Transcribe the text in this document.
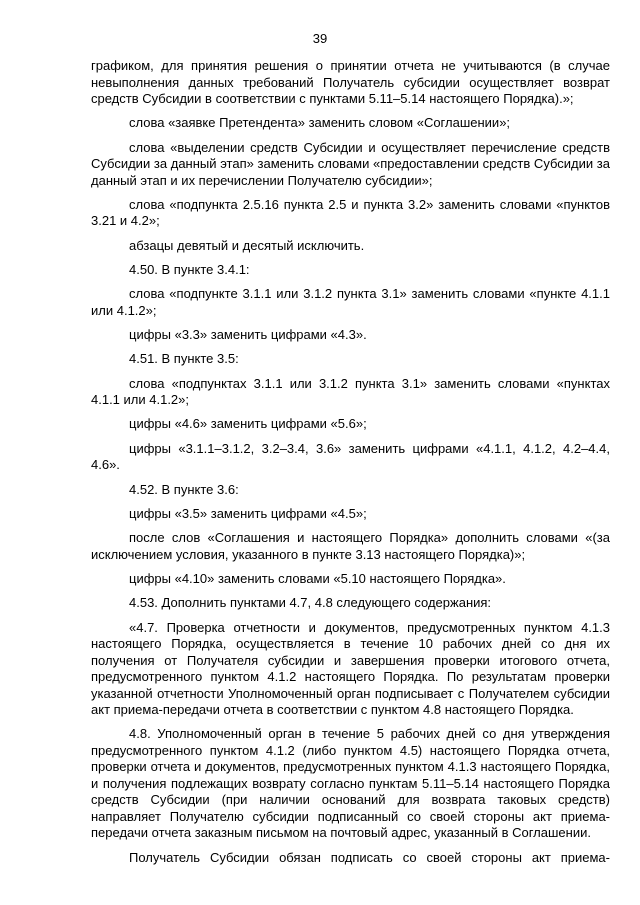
39

графиком, для принятия решения о принятии отчета не учитываются (в случае невыполнения данных требований Получатель субсидии осуществляет возврат средств Субсидии в соответствии с пунктами 5.11–5.14 настоящего Порядка).»;

слова «заявке Претендента» заменить словом «Соглашении»;

слова «выделении средств Субсидии и осуществляет перечисление средств Субсидии за данный этап» заменить словами «предоставлении средств Субсидии за данный этап и их перечислении Получателю субсидии»;

слова «подпункта 2.5.16 пункта 2.5 и пункта 3.2» заменить словами «пунктов 3.21 и 4.2»;

абзацы девятый и десятый исключить.

4.50. В пункте 3.4.1:

слова «подпункте 3.1.1 или 3.1.2 пункта 3.1» заменить словами «пункте 4.1.1 или 4.1.2»;

цифры «3.3» заменить цифрами «4.3».

4.51. В пункте 3.5:

слова «подпунктах 3.1.1 или 3.1.2 пункта 3.1» заменить словами «пунктах 4.1.1 или 4.1.2»;

цифры «4.6» заменить цифрами «5.6»;

цифры «3.1.1–3.1.2, 3.2–3.4, 3.6» заменить цифрами «4.1.1, 4.1.2, 4.2–4.4, 4.6».

4.52. В пункте 3.6:

цифры «3.5» заменить цифрами «4.5»;

после слов «Соглашения и настоящего Порядка» дополнить словами «(за исключением условия, указанного в пункте 3.13 настоящего Порядка)»;

цифры «4.10» заменить словами «5.10 настоящего Порядка».

4.53. Дополнить пунктами 4.7, 4.8 следующего содержания:

«4.7. Проверка отчетности и документов, предусмотренных пунктом 4.1.3 настоящего Порядка, осуществляется в течение 10 рабочих дней со дня их получения от Получателя субсидии и завершения проверки итогового отчета, предусмотренного пунктом 4.1.2 настоящего Порядка. По результатам проверки указанной отчетности Уполномоченный орган подписывает с Получателем субсидии акт приема-передачи отчета в соответствии с пунктом 4.8 настоящего Порядка.

4.8. Уполномоченный орган в течение 5 рабочих дней со дня утверждения предусмотренного пунктом 4.1.2 (либо пунктом 4.5) настоящего Порядка отчета, проверки отчета и документов, предусмотренных пунктом 4.1.3 настоящего Порядка, и получения подлежащих возврату согласно пунктам 5.11–5.14 настоящего Порядка средств Субсидии (при наличии оснований для возврата таковых средств) направляет Получателю субсидии подписанный со своей стороны акт приема-передачи отчета заказным письмом на почтовый адрес, указанный в Соглашении.

Получатель Субсидии обязан подписать со своей стороны акт приема-
